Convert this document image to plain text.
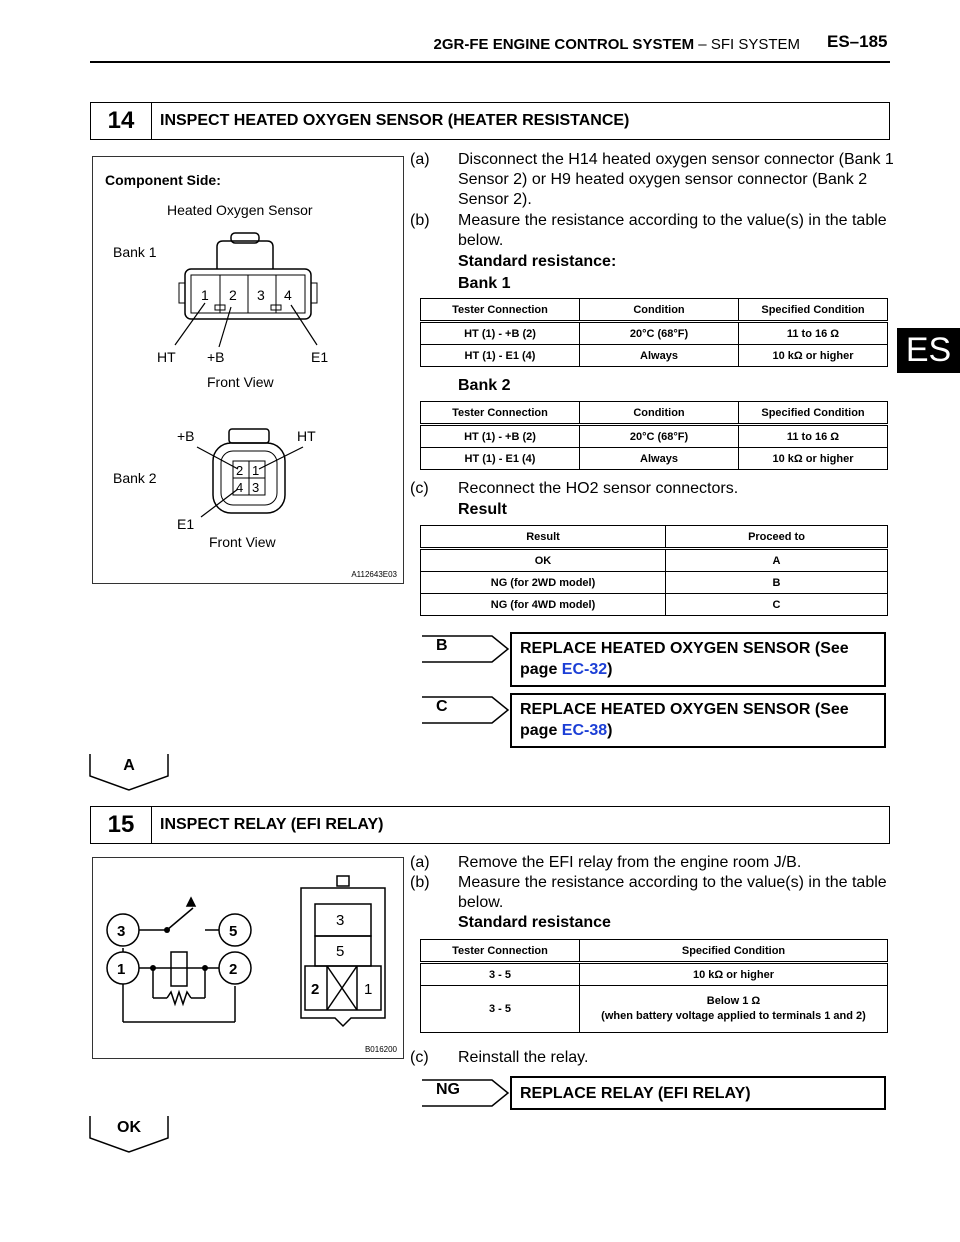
2GR-FE ENGINE CONTROL SYSTEM – SFI SYSTEM ES–185
ES
14	INSPECT HEATED OXYGEN SENSOR (HEATER RESISTANCE)
Component Side:
Heated Oxygen Sensor
Bank 1
1 2 3 4
HT +B	E1
Front View
+B	HT
Bank 2	2 1
4 3
E1
Front View
A112643E03
(a) Disconnect the H14 heated oxygen sensor connector (Bank 1 Sensor 2) or H9 heated oxygen sensor connector (Bank 2 Sensor 2).
(b) Measure the resistance according to the value(s) in the table below.
Standard resistance:
Bank 1
Tester Connection	Condition	Specified Condition
HT (1) - +B (2)	20°C (68°F)	11 to 16 Ω
HT (1) - E1 (4)	Always	10 kΩ or higher
Bank 2
Tester Connection	Condition	Specified Condition
HT (1) - +B (2)	20°C (68°F)	11 to 16 Ω
HT (1) - E1 (4)	Always	10 kΩ or higher
(c) Reconnect the HO2 sensor connectors.
Result
Result	Proceed to
OK	A
NG (for 2WD model)	B
NG (for 4WD model)	C
B	REPLACE HEATED OXYGEN SENSOR (See page EC-32)
C	REPLACE HEATED OXYGEN SENSOR (See page EC-38)
A
15	INSPECT RELAY (EFI RELAY)
3	5
1	2
3
5
2	1
B016200
(a) Remove the EFI relay from the engine room J/B.
(b) Measure the resistance according to the value(s) in the table below.
Standard resistance
Tester Connection	Specified Condition
3 - 5	10 kΩ or higher
3 - 5	Below 1 Ω
(when battery voltage applied to terminals 1 and 2)
(c) Reinstall the relay.
NG	REPLACE RELAY (EFI RELAY)
OK
